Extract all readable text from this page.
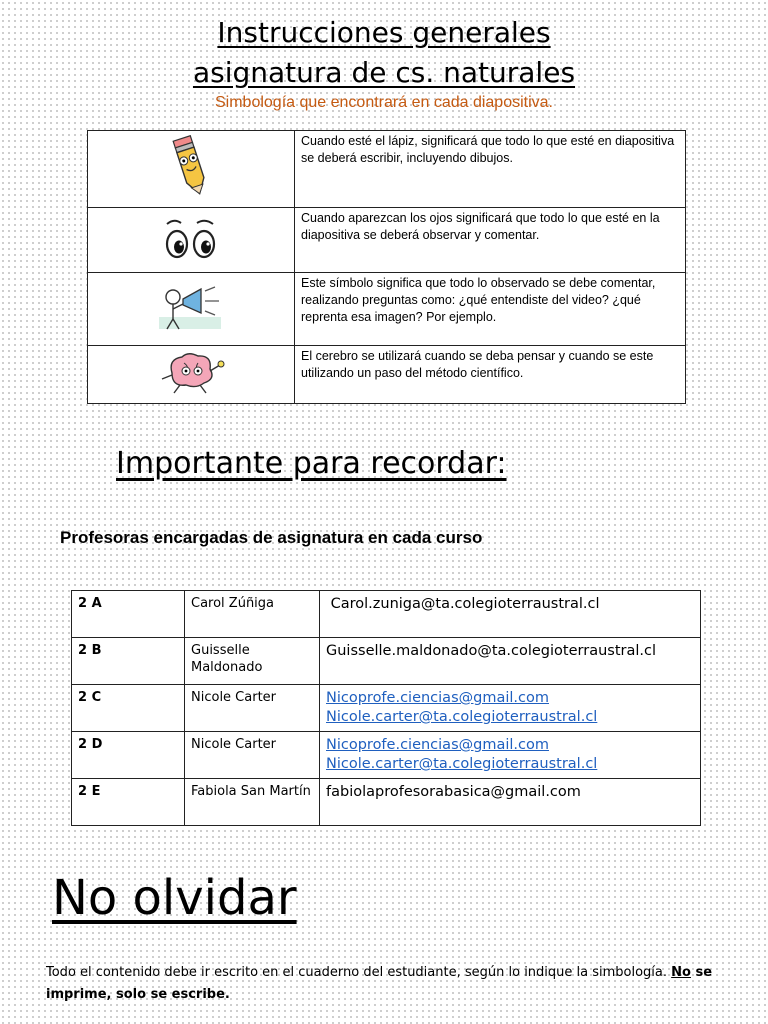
Instrucciones generales
asignatura de cs. naturales
Simbología que encontrará en cada diapositiva.
	Cuando esté el lápiz, significará que todo lo que esté en diapositiva se deberá escribir, incluyendo dibujos.
	Cuando aparezcan los ojos significará que todo lo que esté en la diapositiva se deberá observar y comentar.
	Este símbolo significa que todo lo observado se debe comentar, realizando preguntas como: ¿qué entendiste del video? ¿qué reprenta esa imagen? Por ejemplo.
	El cerebro se utilizará cuando se deba pensar y cuando se este utilizando un paso del método científico.
Importante para recordar:
Profesoras encargadas de asignatura en cada curso
2 A	Carol Zúñiga	Carol.zuniga@ta.colegioterraustral.cl
2 B	Guisselle Maldonado	Guisselle.maldonado@ta.colegioterraustral.cl
2 C	Nicole Carter	Nicoprofe.ciencias@gmail.com
Nicole.carter@ta.colegioterraustral.cl

2 D	Nicole Carter	Nicoprofe.ciencias@gmail.com
Nicole.carter@ta.colegioterraustral.cl

2 E	Fabiola San Martín	fabiolaprofesorabasica@gmail.com
No olvidar
Todo el contenido debe ir escrito en el cuaderno del estudiante, según lo indique la simbología. No se imprime, solo se escribe.
